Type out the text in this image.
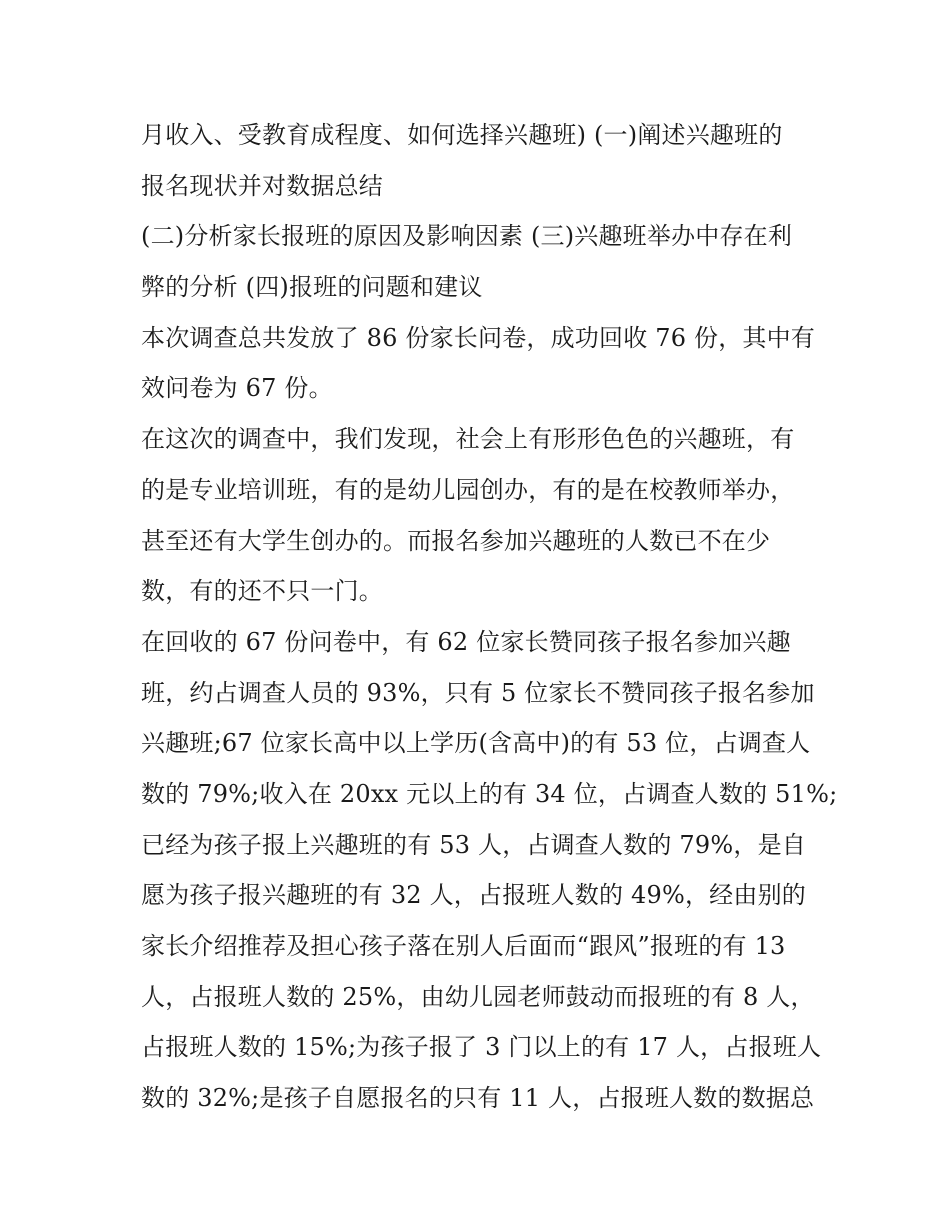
月收入、受教育成程度、如何选择兴趣班) (一)阐述兴趣班的
报名现状并对数据总结
(二)分析家长报班的原因及影响因素 (三)兴趣班举办中存在利
弊的分析 (四)报班的问题和建议
本次调查总共发放了 86 份家长问卷，成功回收 76 份，其中有
效问卷为 67 份。
在这次的调查中，我们发现，社会上有形形色色的兴趣班，有
的是专业培训班，有的是幼儿园创办，有的是在校教师举办，
甚至还有大学生创办的。而报名参加兴趣班的人数已不在少
数，有的还不只一门。
在回收的 67 份问卷中，有 62 位家长赞同孩子报名参加兴趣
班，约占调查人员的 93%，只有 5 位家长不赞同孩子报名参加
兴趣班;67 位家长高中以上学历(含高中)的有 53 位，占调查人
数的 79%;收入在 20xx 元以上的有 34 位，占调查人数的 51%;
已经为孩子报上兴趣班的有 53 人，占调查人数的 79%，是自
愿为孩子报兴趣班的有 32 人，占报班人数的 49%，经由别的
家长介绍推荐及担心孩子落在别人后面而“跟风”报班的有 13
人，占报班人数的 25%，由幼儿园老师鼓动而报班的有 8 人，
占报班人数的 15%;为孩子报了 3 门以上的有 17 人，占报班人
数的 32%;是孩子自愿报名的只有 11 人，占报班人数的数据总
